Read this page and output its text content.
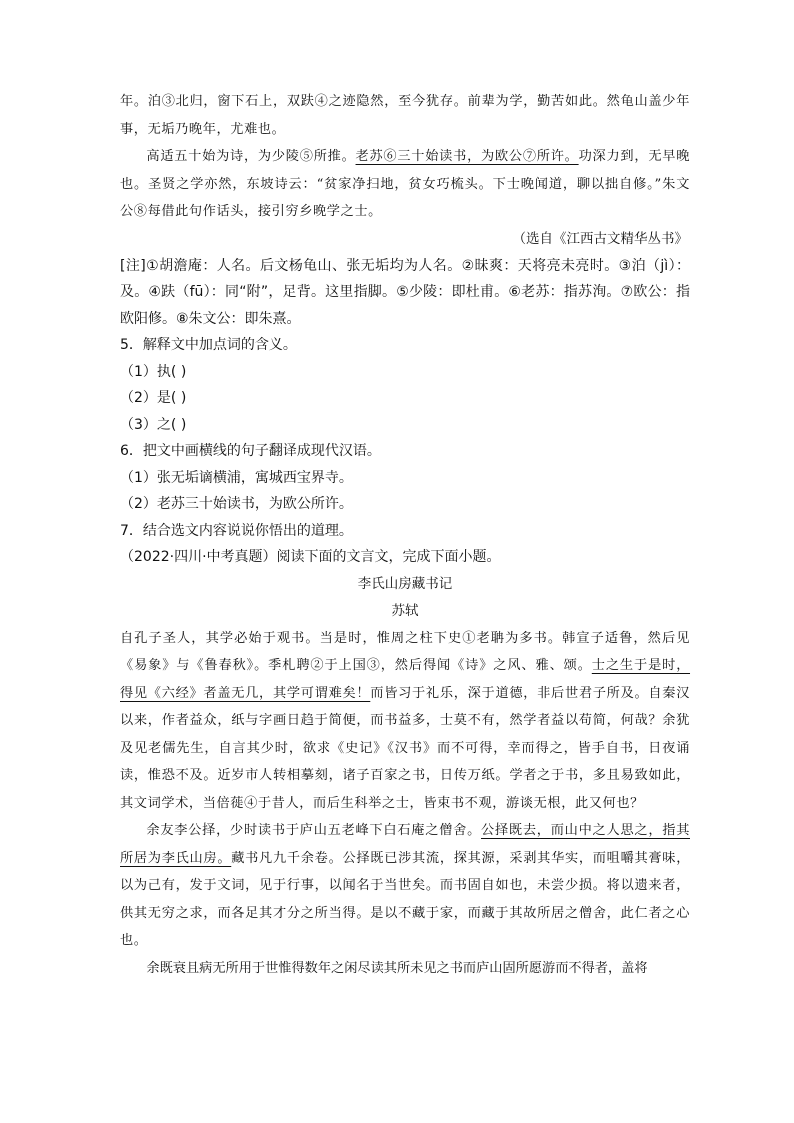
年。泊③北归，窗下石上，双趺④之迹隐然，至今犹存。前辈为学，勤苦如此。然龟山盖少年事，无垢乃晚年，尤难也。

高适五十始为诗，为少陵⑤所推。老苏⑥三十始读书，为欧公⑦所许。功深力到，无早晚也。圣贤之学亦然，东坡诗云：“贫家净扫地，贫女巧梳头。下士晚闻道，聊以拙自修。”朱文公⑧每借此句作话头，接引穷乡晚学之士。

（选自《江西古文精华丛书》

[注]①胡澹庵：人名。后文杨龟山、张无垢均为人名。②昧爽：天将亮未亮时。③泊（jì）：及。④趺（fū）：同“附”，足背。这里指脚。⑤少陵：即杜甫。⑥老苏：指苏洵。⑦欧公：指欧阳修。⑧朱文公：即朱熹。

5．解释文中加点词的含义。

（1）执( )

（2）是( )

（3）之( )

6．把文中画横线的句子翻译成现代汉语。

（1）张无垢谪横浦，寓城西宝界寺。

（2）老苏三十始读书，为欧公所许。

7．结合选文内容说说你悟出的道理。

（2022·四川·中考真题）阅读下面的文言文，完成下面小题。

李氏山房藏书记

苏轼

自孔子圣人，其学必始于观书。当是时，惟周之柱下史①老聃为多书。韩宣子适鲁，然后见《易象》与《鲁春秋》。季札聘②于上国③，然后得闻《诗》之风、雅、颂。士之生于是时，得见《六经》者盖无几，其学可谓难矣！而皆习于礼乐，深于道德，非后世君子所及。自秦汉以来，作者益众，纸与字画日趋于简便，而书益多，士莫不有，然学者益以苟简，何哉？余犹及见老儒先生，自言其少时，欲求《史记》《汉书》而不可得，幸而得之，皆手自书，日夜诵读，惟恐不及。近岁市人转相摹刻，诸子百家之书，日传万纸。学者之于书，多且易致如此，其文词学术，当倍蓰④于昔人，而后生科举之士，皆束书不观，游谈无根，此又何也？

余友李公择，少时读书于庐山五老峰下白石庵之僧舍。公择既去，而山中之人思之，指其所居为李氏山房。藏书凡九千余卷。公择既已涉其流，探其源，采剥其华实，而咀嚼其膏味，以为己有，发于文词，见于行事，以闻名于当世矣。而书固自如也，未尝少损。将以遗来者，供其无穷之求，而各足其才分之所当得。是以不藏于家，而藏于其故所居之僧舍，此仁者之心也。

余既衰且病无所用于世惟得数年之闲尽读其所未见之书而庐山固所愿游而不得者，盖将
